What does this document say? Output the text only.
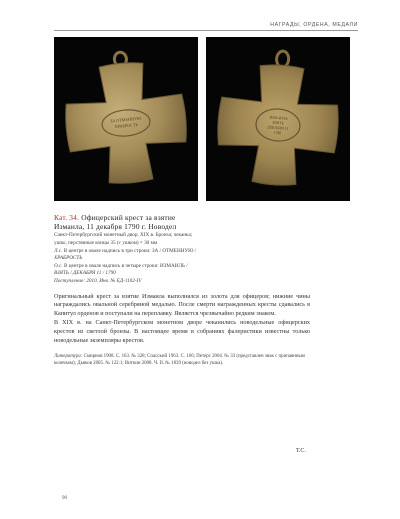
НАГРАДЫ, ОРДЕНА, МЕДАЛИ
ЗА ОТМЕННУЮ
ХРАБРОСТЬ
ИЗМАИЛЬ
ВЗЯТЬ
ДЕКАБРЯ 11
1790

Кат. 34. Офицерский крест за взятие
Измаила, 11 декабря 1790 г. Новодел

Санкт-Петербургский монетный двор, XIX в. Бронза; чеканка;
ушко, перстяиные концы 35 (с ушком) × 30 мм
Л.с. В центре в овале надпись в три строки: ЗА / ОТМЕННУЮ /
ХРАБРОСТЬ
О.с. В центре в овале надпись в четыре строки: ИЗМАИЛЬ /
ВЗЯТЬ / ДЕКАБРЯ 11 / 1790
Поступление: 2010. Инв. № ЕД-1102-IV

Оригинальный крест за взятие Измаила выполнялся из золота для офицеров; нижние чины награждались овальной серебряной медалью. После смерти награжденных кресты сдавались в Капитул орденов и поступали на переплавку. Является чрезвычайно редким знаком.

В XIX в. на Санкт-Петербургском монетном дворе чеканились новодельные офицерских крестов из светлой бронзы. В настоящее время в собраниях фалеристики известны только новодельные экземпляры крестов.

Литература: Смирнов 1908. С. 163. № 328; Спасский 1963. С. 166; Петерс 2004. № 33 (представлен знак с припаянным колечком); Дьяков 2005. № 122.1; Виткин 2008. Ч. II. № 1839 (новодел без ушка).

Т.С.
90
